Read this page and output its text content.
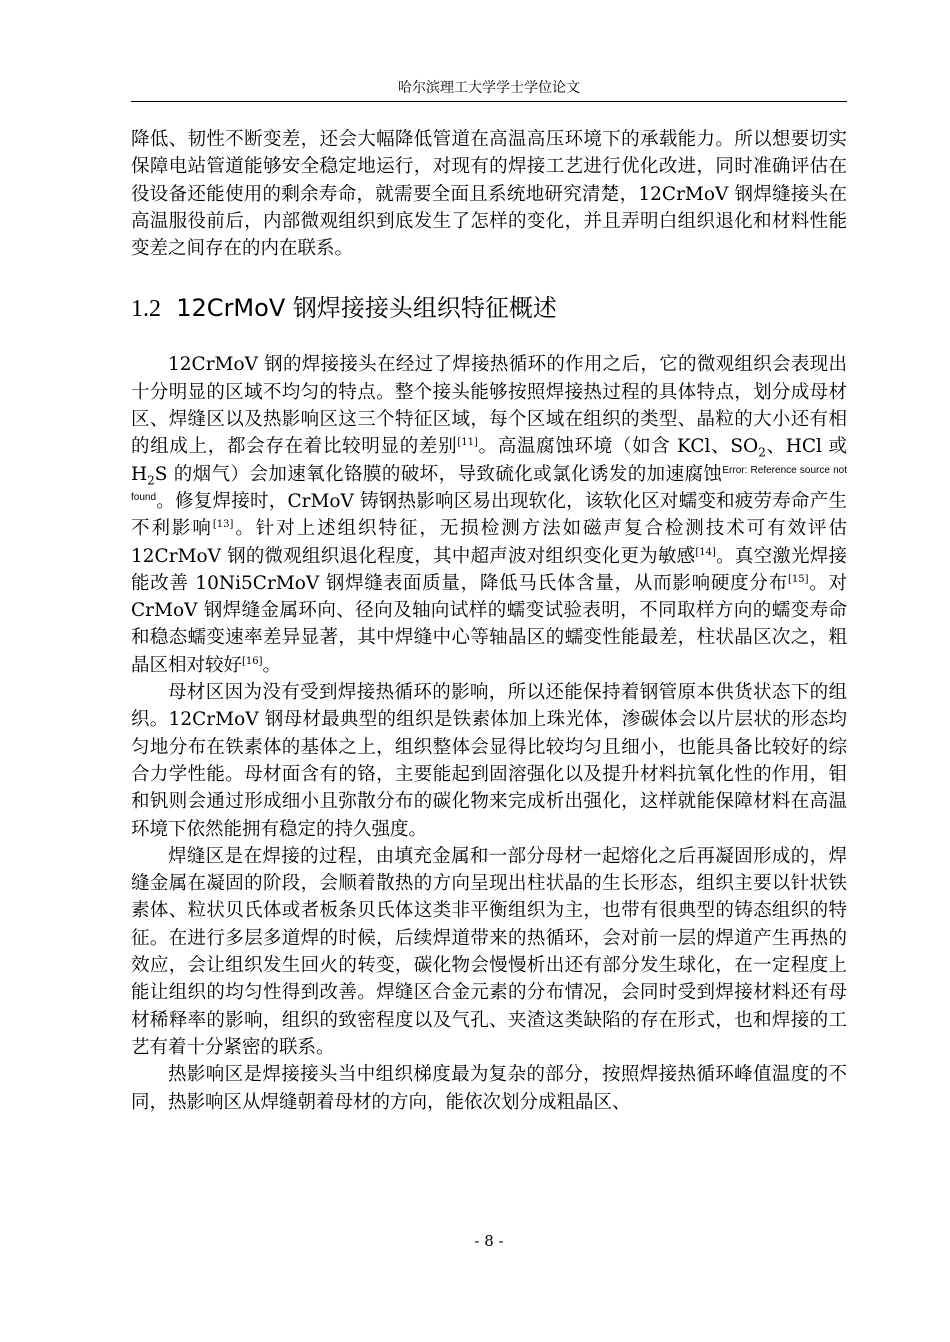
哈尔滨理工大学学士学位论文

降低、韧性不断变差，还会大幅降低管道在高温高压环境下的承载能力。所以想要切实保障电站管道能够安全稳定地运行，对现有的焊接工艺进行优化改进，同时准确评估在役设备还能使用的剩余寿命，就需要全面且系统地研究清楚，12CrMoV 钢焊缝接头在高温服役前后，内部微观组织到底发生了怎样的变化，并且弄明白组织退化和材料性能变差之间存在的内在联系。

1.2 12CrMoV 钢焊接接头组织特征概述

12CrMoV 钢的焊接接头在经过了焊接热循环的作用之后，它的微观组织会表现出十分明显的区域不均匀的特点。整个接头能够按照焊接热过程的具体特点，划分成母材区、焊缝区以及热影响区这三个特征区域，每个区域在组织的类型、晶粒的大小还有相的组成上，都会存在着比较明显的差别[11]。高温腐蚀环境（如含 KCl、$SO_2$、HCl 或 $H_2S$ 的烟气）会加速氧化铬膜的破坏，导致硫化或氯化诱发的加速腐蚀$^{Error: Reference source not found}$。修复焊接时，CrMoV 铸钢热影响区易出现软化，该软化区对蠕变和疲劳寿命产生不利影响[13]。针对上述组织特征，无损检测方法如磁声复合检测技术可有效评估 12CrMoV 钢的微观组织退化程度，其中超声波对组织变化更为敏感[14]。真空激光焊接能改善 10Ni5CrMoV 钢焊缝表面质量，降低马氏体含量，从而影响硬度分布[15]。对 CrMoV 钢焊缝金属环向、径向及轴向试样的蠕变试验表明，不同取样方向的蠕变寿命和稳态蠕变速率差异显著，其中焊缝中心等轴晶区的蠕变性能最差，柱状晶区次之，粗晶区相对较好[16]。

母材区因为没有受到焊接热循环的影响，所以还能保持着钢管原本供货状态下的组织。12CrMoV 钢母材最典型的组织是铁素体加上珠光体，渗碳体会以片层状的形态均匀地分布在铁素体的基体之上，组织整体会显得比较均匀且细小，也能具备比较好的综合力学性能。母材面含有的铬，主要能起到固溶强化以及提升材料抗氧化性的作用，钼和钒则会通过形成细小且弥散分布的碳化物来完成析出强化，这样就能保障材料在高温环境下依然能拥有稳定的持久强度。

焊缝区是在焊接的过程，由填充金属和一部分母材一起熔化之后再凝固形成的，焊缝金属在凝固的阶段，会顺着散热的方向呈现出柱状晶的生长形态，组织主要以针状铁素体、粒状贝氏体或者板条贝氏体这类非平衡组织为主，也带有很典型的铸态组织的特征。在进行多层多道焊的时候，后续焊道带来的热循环，会对前一层的焊道产生再热的效应，会让组织发生回火的转变，碳化物会慢慢析出还有部分发生球化，在一定程度上能让组织的均匀性得到改善。焊缝区合金元素的分布情况，会同时受到焊接材料还有母材稀释率的影响，组织的致密程度以及气孔、夹渣这类缺陷的存在形式，也和焊接的工艺有着十分紧密的联系。

热影响区是焊接接头当中组织梯度最为复杂的部分，按照焊接热循环峰值温度的不同，热影响区从焊缝朝着母材的方向，能依次划分成粗晶区、

- 8 -
